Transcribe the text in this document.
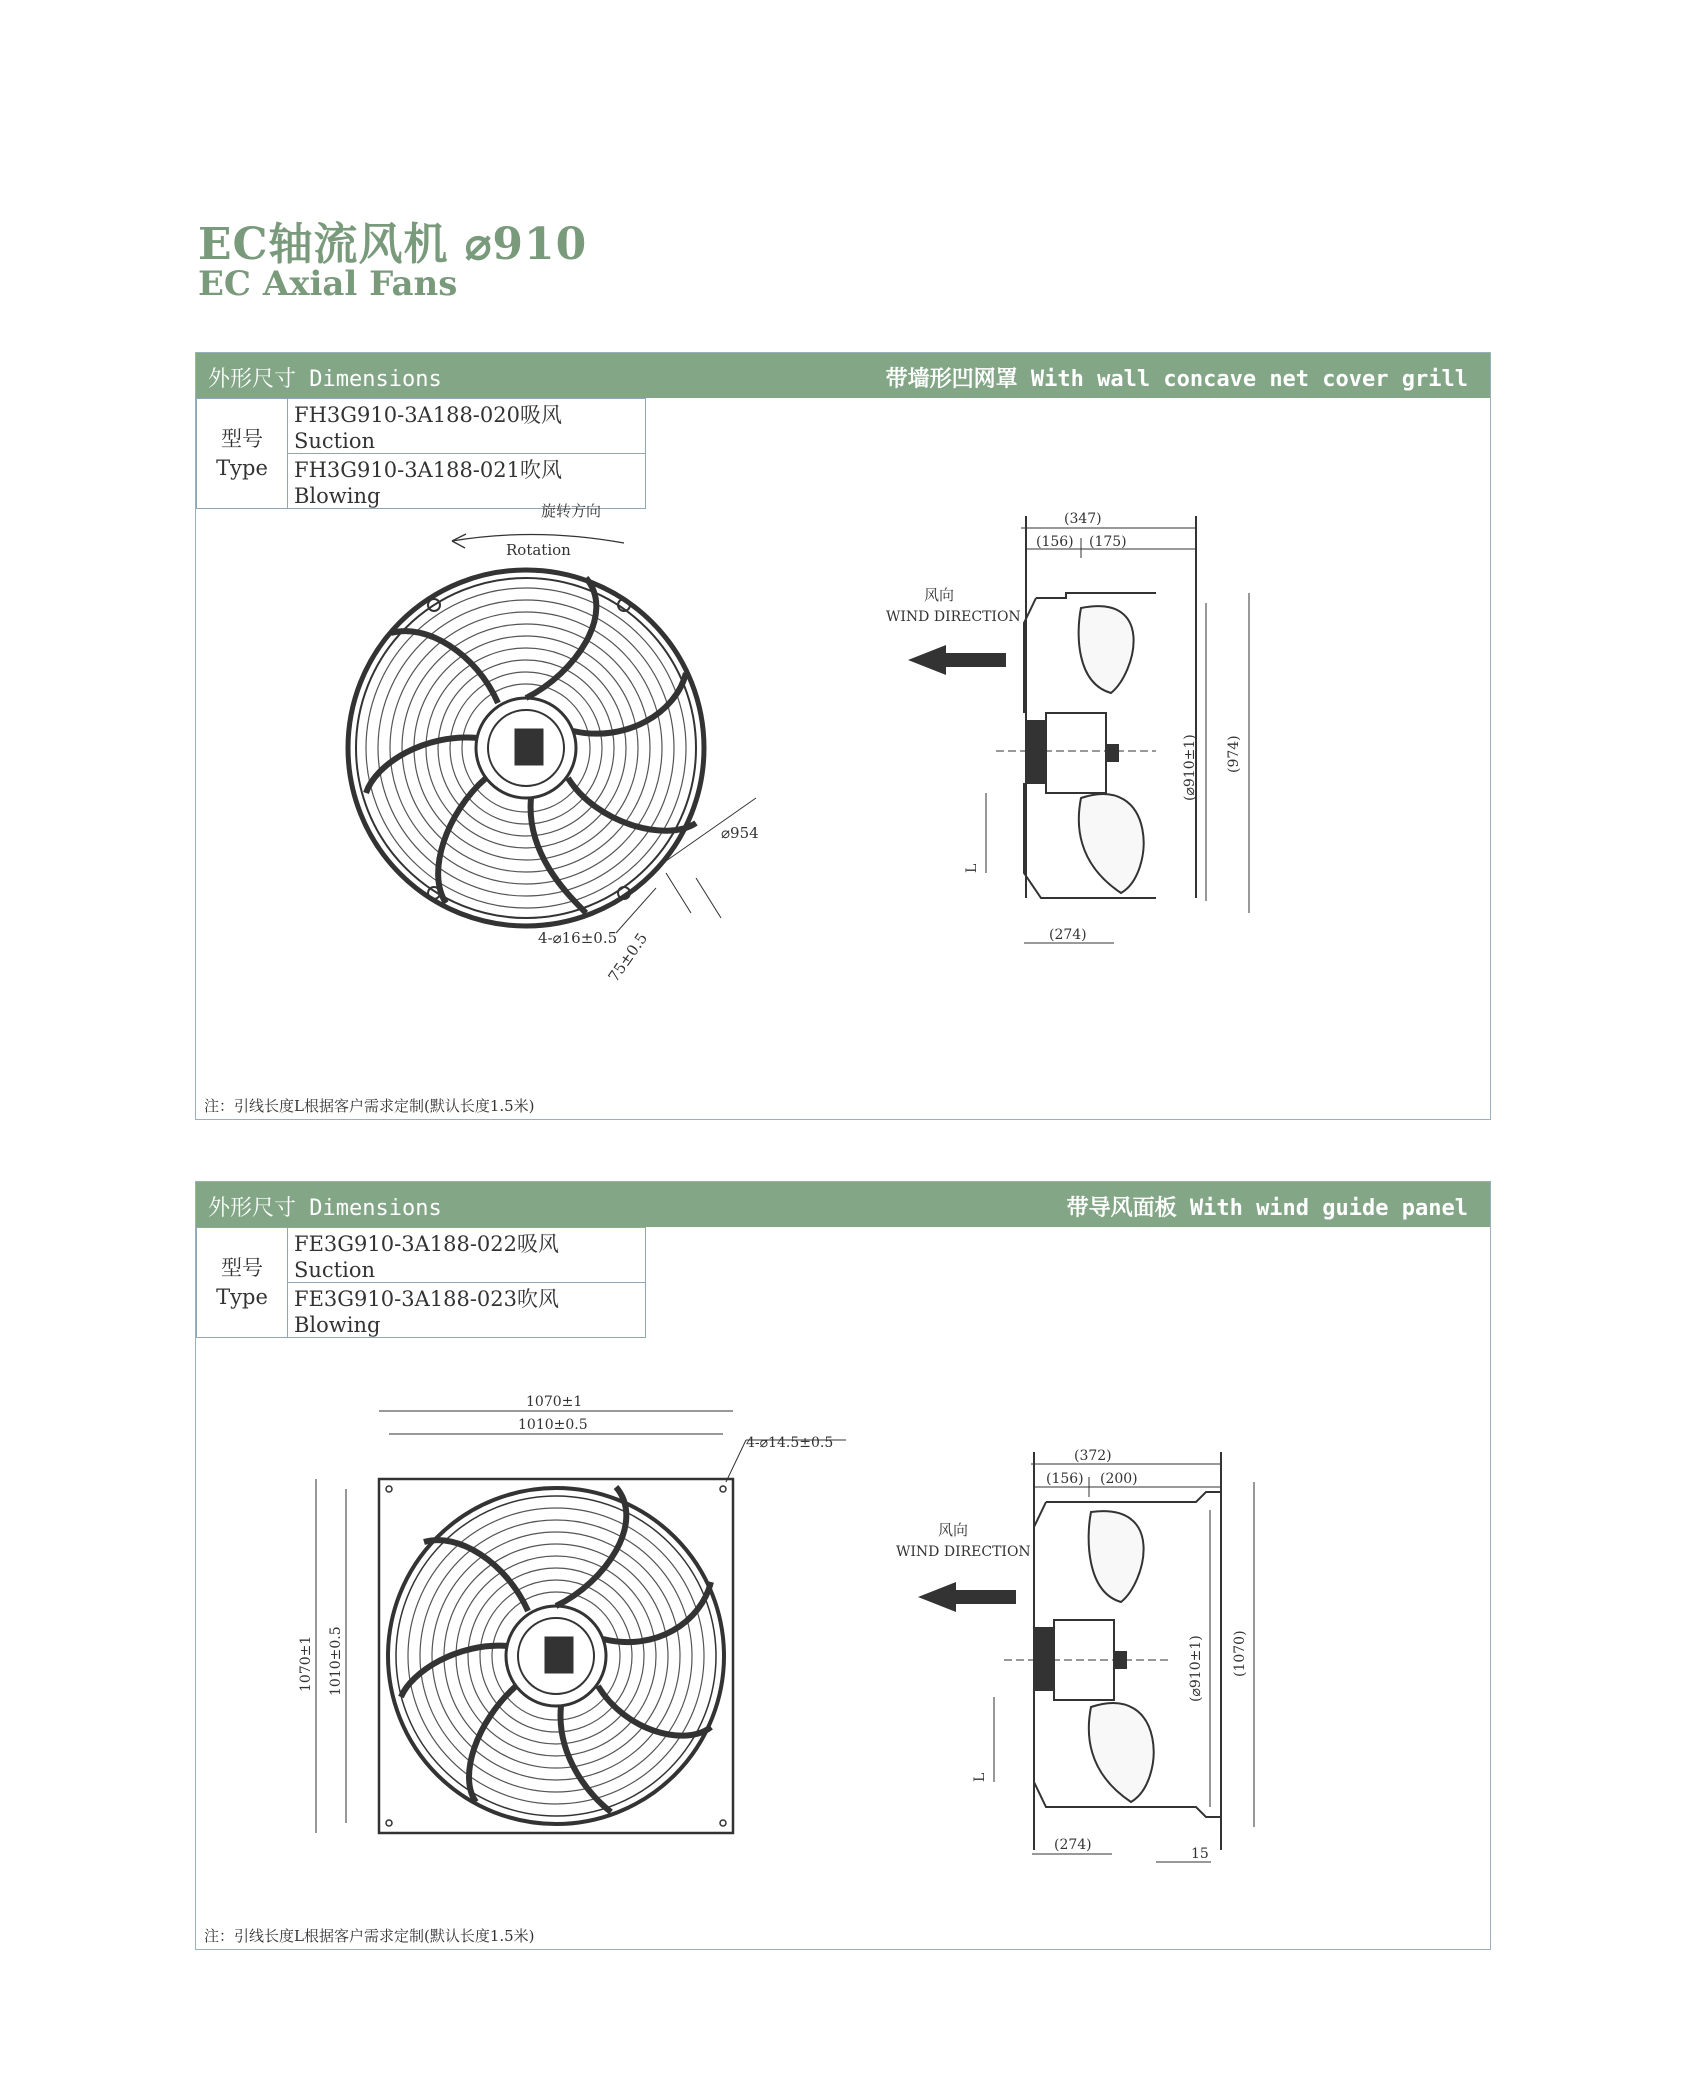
EC轴流风机 ⌀910
EC Axial Fans
外形尺寸 Dimensions	带墙形凹网罩 With wall concave net cover grill
型号
Type
	FH3G910-3A188-020吸风Suction
FH3G910-3A188-021吹风Blowing
旋转方向
Rotation
⌀954
4-⌀16±0.5
75±0.5
风向
WIND DIRECTION
(347)
(156) (175)
(⌀910±1) (974)
(274)
L
注：引线长度L根据客户需求定制(默认长度1.5米)
外形尺寸 Dimensions	带导风面板 With wind guide panel
型号
Type
	FE3G910-3A188-022吸风Suction
FE3G910-3A188-023吹风Blowing
1070±1
1010±0.5
4-⌀14.5±0.5
1070±1 1010±0.5
风向
WIND DIRECTION
(372)
(156) (200)
(⌀910±1) (1070)
(274)
15
L
注：引线长度L根据客户需求定制(默认长度1.5米)
